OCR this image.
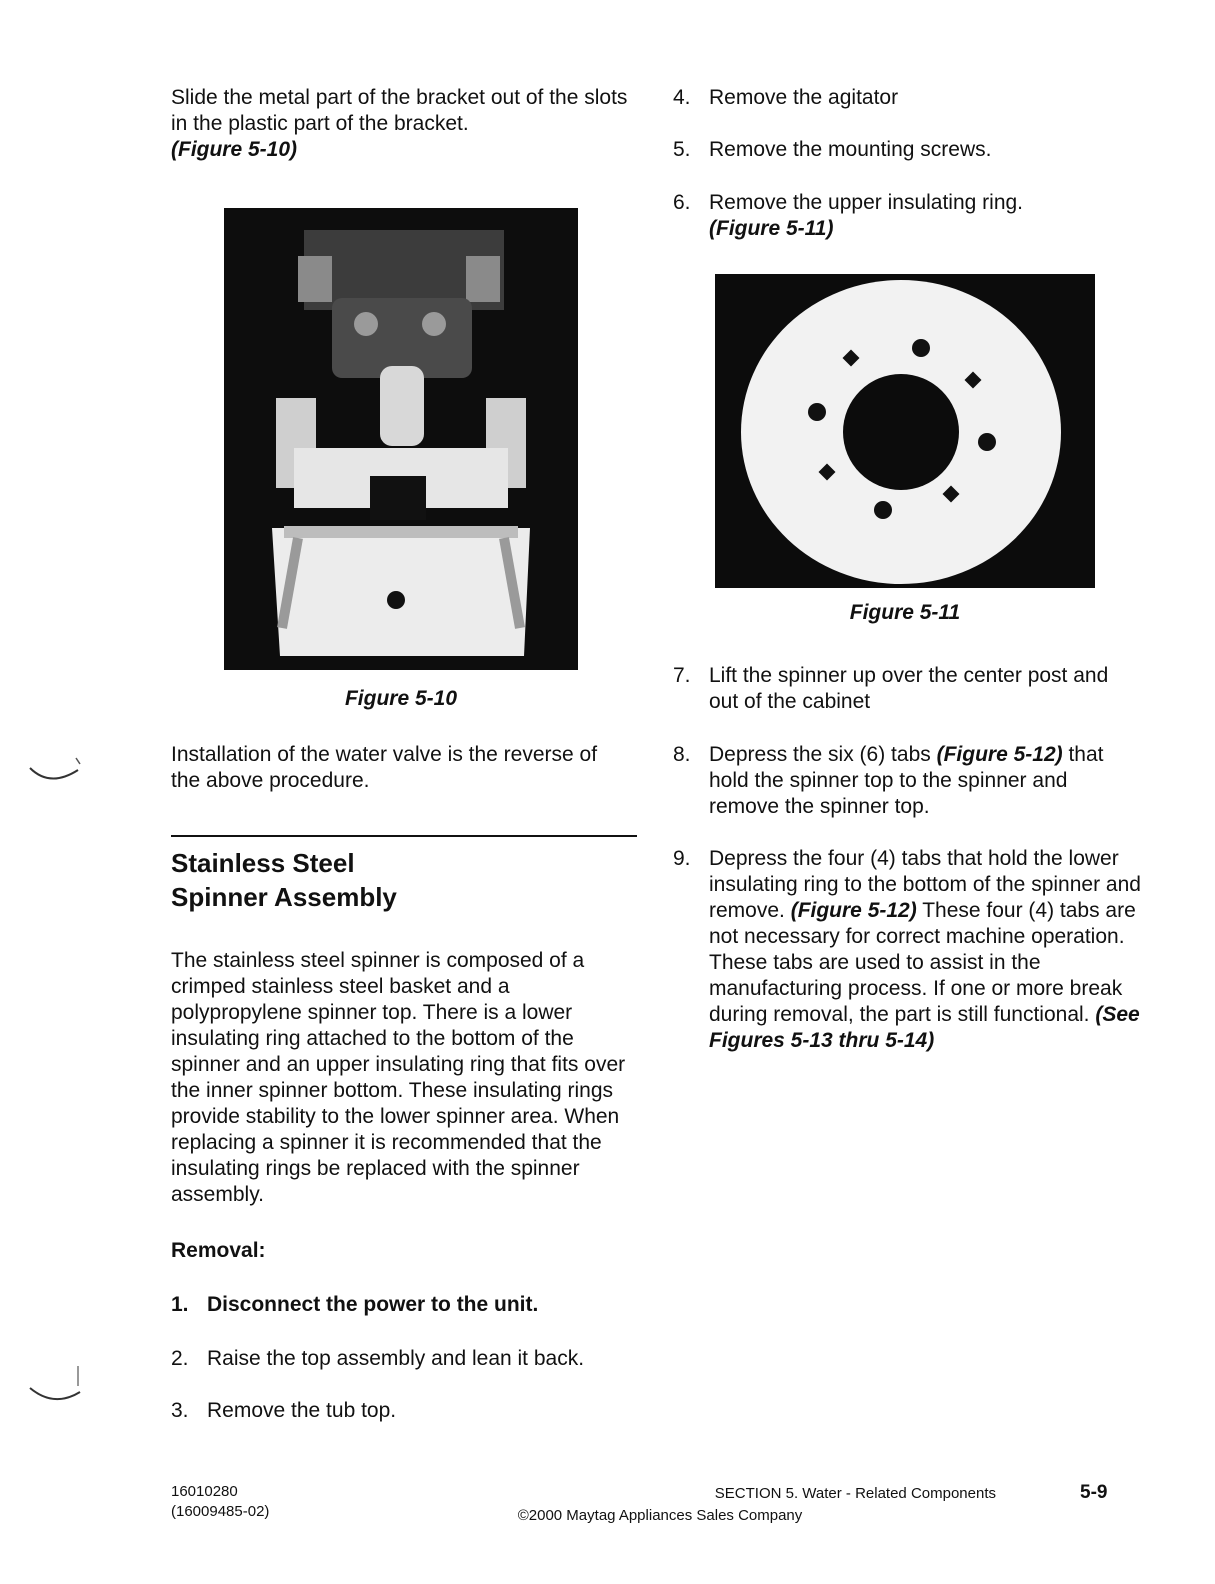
Slide the metal part of the bracket out of the slots in the plastic part of the bracket.
(Figure 5-10)

Figure 5-10

Installation of the water valve is the reverse of the above procedure.

Stainless Steel
Spinner Assembly

The stainless steel spinner is composed of a crimped stainless steel basket and a polypropylene spinner top. There is a lower insulating ring attached to the bottom of the spinner and an upper insulating ring that fits over the inner spinner bottom. These insulating rings provide stability to the lower spinner area. When replacing a spinner it is recommended that the insulating rings be replaced with the spinner assembly.

Removal:
1. Disconnect the power to the unit.
2. Raise the top assembly and lean it back.
3. Remove the tub top.
4. Remove the agitator
5. Remove the mounting screws.
6. Remove the upper insulating ring.
(Figure 5-11)
Figure 5-11
7. Lift the spinner up over the center post and out of the cabinet
8. Depress the six (6) tabs (Figure 5-12) that hold the spinner top to the spinner and remove the spinner top.
9. Depress the four (4) tabs that hold the lower insulating ring to the bottom of the spinner and remove. (Figure 5-12) These four (4) tabs are not necessary for correct machine operation. These tabs are used to assist in the manufacturing process. If one or more break during removal, the part is still functional. (See Figures 5-13 thru 5-14)
16010280
(16009485-02)
SECTION 5. Water - Related Components
©2000 Maytag Appliances Sales Company
5-9
